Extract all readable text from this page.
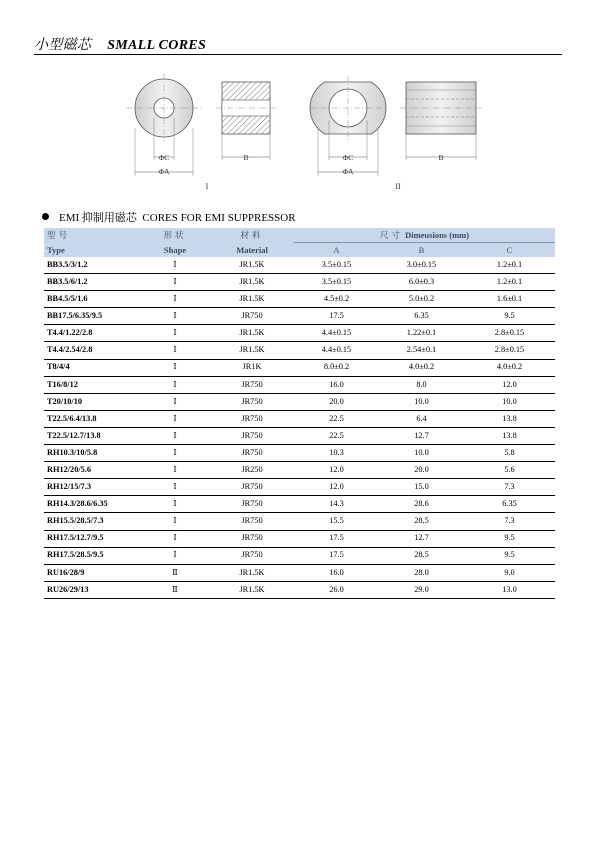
小型磁芯 SMALL CORES
ΦC
ΦA
B
I
ΦC
ΦA
B
II
EMI 抑制用磁芯 CORES FOR EMI SUPPRESSOR
型号	形状	材料	尺寸 Dimeusions (mm)		
Type	Shape	Material	A	B	C
BB3.5/3/1.2	Ⅰ	JR1.5K	3.5±0.15	3.0±0.15	1.2±0.1
BB3.5/6/1.2	Ⅰ	JR1.5K	3.5±0.15	6.0±0.3	1.2±0.1
BB4.5/5/1.6	Ⅰ	JR1.5K	4.5±0.2	5.0±0.2	1.6±0.1
BB17.5/6.35/9.5	Ⅰ	JR750	17.5	6.35	9.5
T4.4/1.22/2.8	Ⅰ	JR1.5K	4.4±0.15	1.22±0.1	2.8±0.15
T4.4/2.54/2.8	Ⅰ	JR1.5K	4.4±0.15	2.54±0.1	2.8±0.15
T8/4/4	Ⅰ	JR1K	8.0±0.2	4.0±0.2	4.0±0.2
T16/8/12	Ⅰ	JR750	16.0	8.0	12.0
T20/10/10	Ⅰ	JR750	20.0	10.0	10.0
T22.5/6.4/13.8	Ⅰ	JR750	22.5	6.4	13.8
T22.5/12.7/13.8	Ⅰ	JR750	22.5	12.7	13.8
RH10.3/10/5.8	Ⅰ	JR750	10.3	10.0	5.8
RH12/20/5.6	Ⅰ	JR250	12.0	20.0	5.6
RH12/15/7.3	Ⅰ	JR750	12.0	15.0	7.3
RH14.3/28.6/6.35	Ⅰ	JR750	14.3	28.6	6.35
RH15.5/28.5/7.3	Ⅰ	JR750	15.5	28.5	7.3
RH17.5/12.7/9.5	Ⅰ	JR750	17.5	12.7	9.5
RH17.5/28.5/9.5	Ⅰ	JR750	17.5	28.5	9.5
RU16/28/9	Ⅱ	JR1.5K	16.0	28.0	9.0
RU26/29/13	Ⅱ	JR1.5K	26.0	29.0	13.0
